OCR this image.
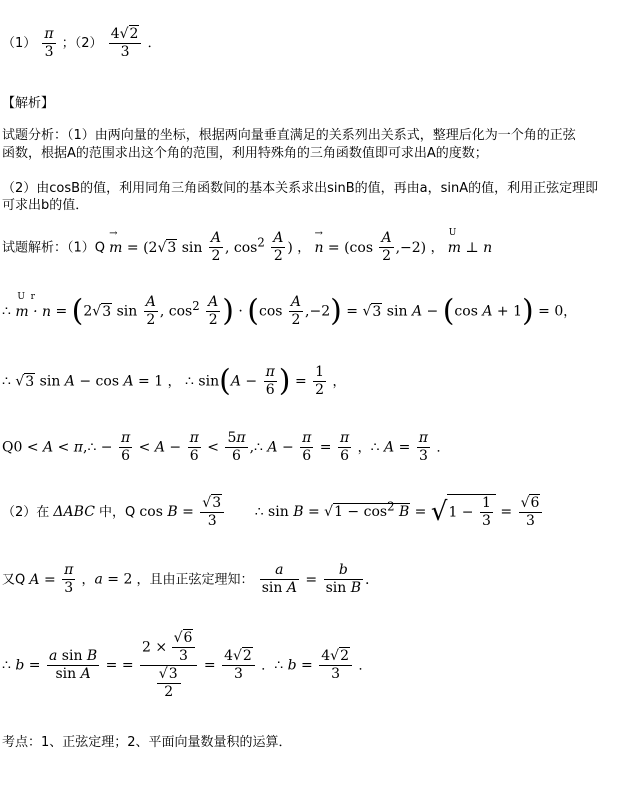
$(1) \frac{\pi}{3}$ ；$(2) \frac{4√2}{3}$ ．
【解析】
试题分析：（1）由两向量的坐标，根据两向量垂直满足的关系列出关系式，整理后化为一个角的正弦
函数，根据A的范围求出这个角的范围，利用特殊角的三角函数值即可求出A的度数；
（2）由cosB的值，利用同角三角函数间的基本关系求出sinB的值，再由a，sinA的值，利用正弦定理即
可求出b的值．
试题解析：（1）Q → m = (2√3 $\sin \frac{A}{2}$ , $\cos^2 \frac{A}{2}$ ) ， → $n = (\cos \frac{A}{2} ,-2)$ ，
U
m ⊥ n
∴ m · n
U  r
= (2√3 $\sin \frac{A}{2}$ , $\cos^2 \frac{A}{2}$ ) · $(\cos \frac{A}{2} ,-2) = √3$ sin A − (cos A + 1) = 0，
∴ √3 sin A − cos A = 1 ， ∴ $\sin(A - \frac{\pi}{6}$ ) = $\frac{1}{2}$ ，
Q0 < A < π,∴ − $\frac{\pi}{6} < A - \frac{\pi}{6} < \frac{5\pi}{6}$ ,∴ $A - \frac{\pi}{6} = \frac{\pi}{6}$ ，∴ $A = \frac{\pi}{3}$ ．
（2）在 ΔABC 中，Q $\cos B = \frac{√3}{3}$ ∴ $\sin B = √1 - \cos^2 B = √1 - \frac{1}{3} = \frac{√6}{3}$
又Q $A = \frac{\pi}{3}$ ，a = 2 ，且由正弦定理知： $\frac{a}{\text{sin A}} = \frac{b}{\text{sin B}}$ .
∴ $b = \frac{\text{a sin B}}{\text{sin A}}$ = = $\frac{2 \times \frac{√6}{3}}{\frac{√3}{2}} = \frac{4√2}{3}$ ．∴ $b = \frac{4√2}{3}$ ．
考点：1、正弦定理；2、平面向量数量积的运算．
